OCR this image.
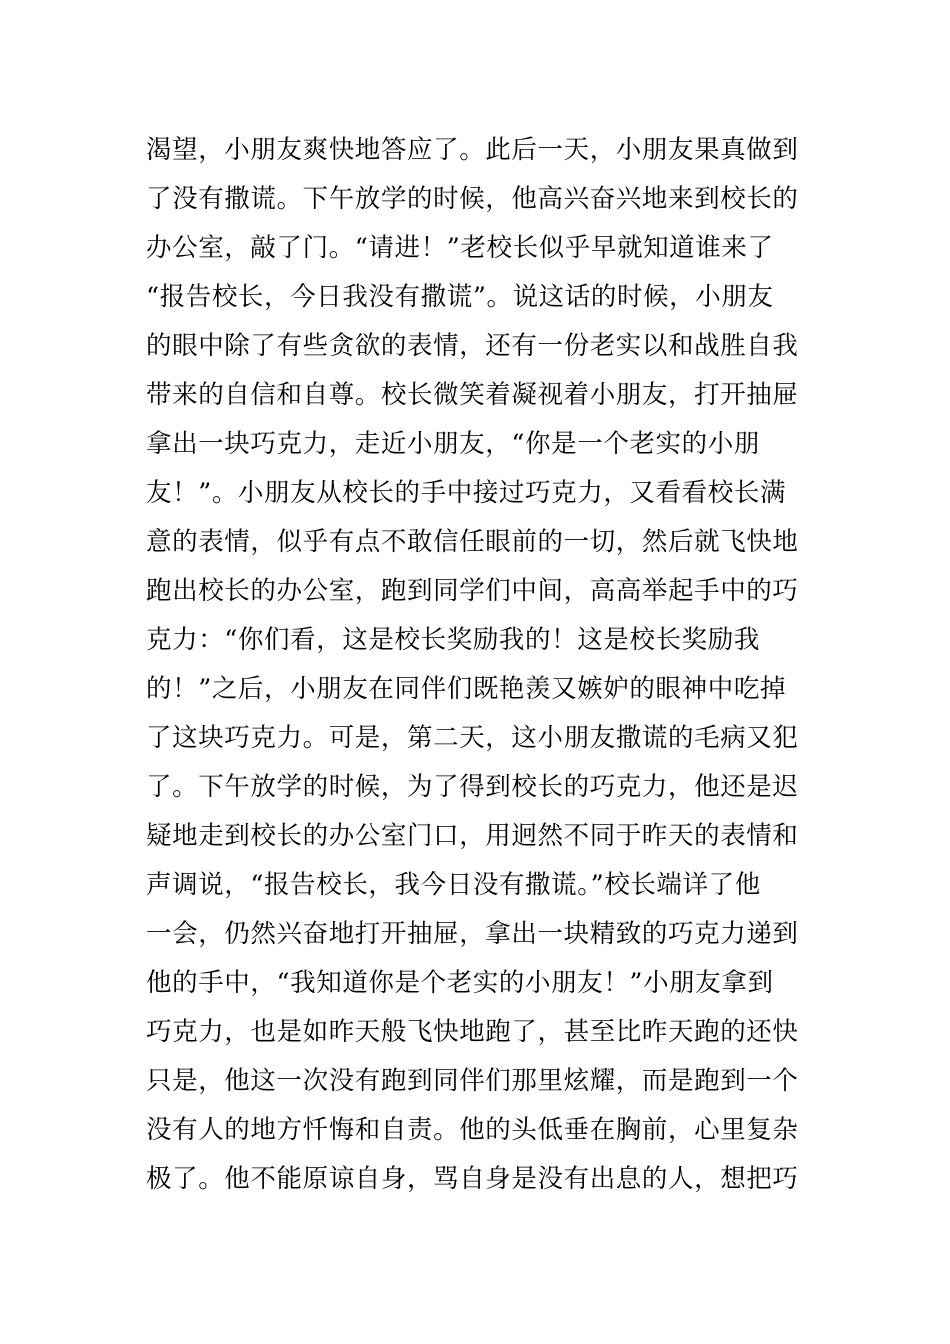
渴望，小朋友爽快地答应了。此后一天，小朋友果真做到
了没有撒谎。下午放学的时候，他高兴奋兴地来到校长的
办公室，敲了门。“请进！”老校长似乎早就知道谁来了
“报告校长，今日我没有撒谎”。说这话的时候，小朋友
的眼中除了有些贪欲的表情，还有一份老实以和战胜自我
带来的自信和自尊。校长微笑着凝视着小朋友，打开抽屉
拿出一块巧克力，走近小朋友，“你是一个老实的小朋
友！”。小朋友从校长的手中接过巧克力，又看看校长满
意的表情，似乎有点不敢信任眼前的一切，然后就飞快地
跑出校长的办公室，跑到同学们中间，高高举起手中的巧
克力：“你们看，这是校长奖励我的！这是校长奖励我
的！”之后，小朋友在同伴们既艳羡又嫉妒的眼神中吃掉
了这块巧克力。可是，第二天，这小朋友撒谎的毛病又犯
了。下午放学的时候，为了得到校长的巧克力，他还是迟
疑地走到校长的办公室门口，用迥然不同于昨天的表情和
声调说，“报告校长，我今日没有撒谎。”校长端详了他
一会，仍然兴奋地打开抽屉，拿出一块精致的巧克力递到
他的手中，“我知道你是个老实的小朋友！”小朋友拿到
巧克力，也是如昨天般飞快地跑了，甚至比昨天跑的还快
只是，他这一次没有跑到同伴们那里炫耀，而是跑到一个
没有人的地方忏悔和自责。他的头低垂在胸前，心里复杂
极了。他不能原谅自身，骂自身是没有出息的人，想把巧
